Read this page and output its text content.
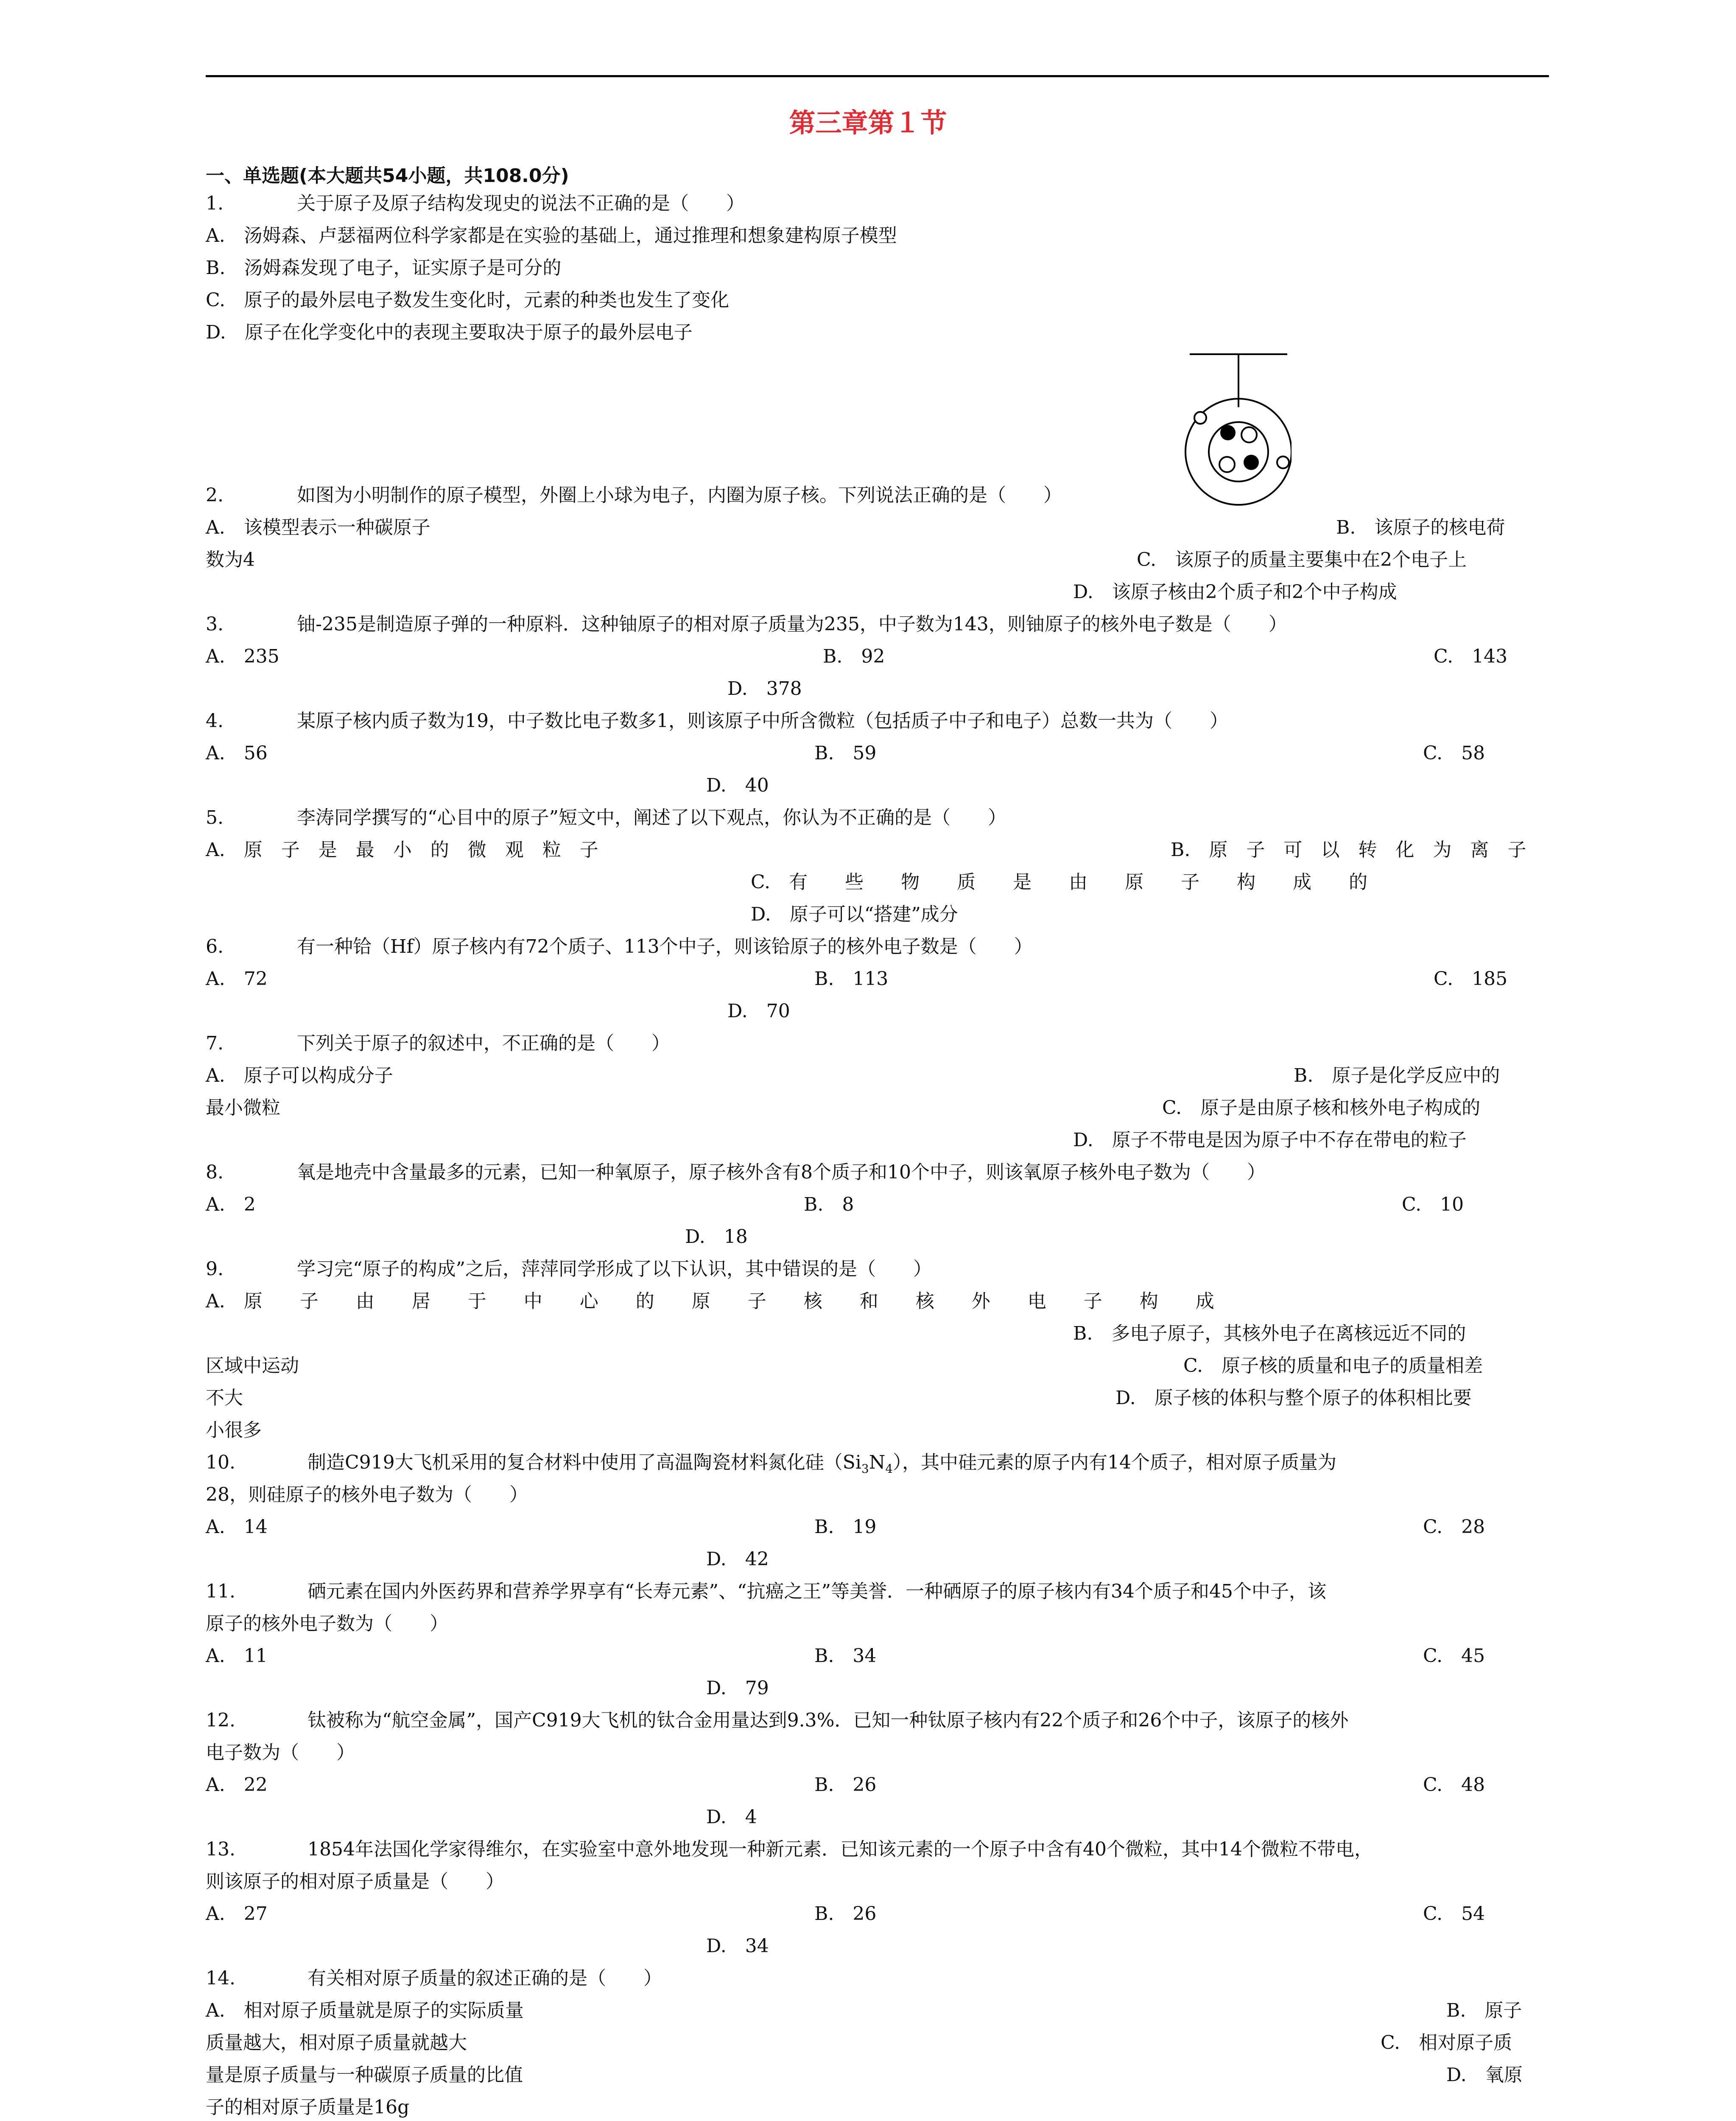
第三章第１节
一、单选题(本大题共54小题，共108.0分)
1.	关于原子及原子结构发现史的说法不正确的是（　　）
A.　汤姆森、卢瑟福两位科学家都是在实验的基础上，通过推理和想象建构原子模型
B.　汤姆森发现了电子，证实原子是可分的
C.　原子的最外层电子数发生变化时，元素的种类也发生了变化
D.　原子在化学变化中的表现主要取决于原子的最外层电子
2.	如图为小明制作的原子模型，外圈上小球为电子，内圈为原子核。下列说法正确的是（　　）
A.　该模型表示一种碳原子	B.　该原子的核电荷
数为4	C.　该原子的质量主要集中在2个电子上
D.　该原子核由2个质子和2个中子构成
3.	铀-235是制造原子弹的一种原料．这种铀原子的相对原子质量为235，中子数为143，则铀原子的核外电子数是（　　）
A.　235	B.　92	C.　143
D.　378
4.	某原子核内质子数为19，中子数比电子数多1，则该原子中所含微粒（包括质子中子和电子）总数一共为（　　）
A.　56	B.　59	C.　58
D.　40
5.	李涛同学撰写的“心目中的原子”短文中，阐述了以下观点，你认为不正确的是（　　）
A.　原　子　是　最　小　的　微　观　粒　子	B.　原　子　可　以　转　化　为　离　子
C.　有　　些　　物　　质　　是　　由　　原　　子　　构　　成　　的
D.　原子可以“搭建”成分
6.	有一种铪（Hf）原子核内有72个质子、113个中子，则该铪原子的核外电子数是（　　）
A.　72	B.　113	C.　185
D.　70
7.	下列关于原子的叙述中，不正确的是（　　）
A.　原子可以构成分子	B.　原子是化学反应中的
最小微粒	C.　原子是由原子核和核外电子构成的
D.　原子不带电是因为原子中不存在带电的粒子
8.	氧是地壳中含量最多的元素，已知一种氧原子，原子核外含有8个质子和10个中子，则该氧原子核外电子数为（　　）
A.　2	B.　8	C.　10
D.　18
9.	学习完“原子的构成”之后，萍萍同学形成了以下认识，其中错误的是（　　）
A.　原　　子　　由　　居　　于　　中　　心　　的　　原　　子　　核　　和　　核　　外　　电　　子　　构　　成
B.　多电子原子，其核外电子在离核远近不同的
区域中运动	C.　原子核的质量和电子的质量相差
不大	D.　原子核的体积与整个原子的体积相比要
小很多
10.	制造C919大飞机采用的复合材料中使用了高温陶瓷材料氮化硅$(Si_3N_4)$，其中硅元素的原子内有14个质子，相对原子质量为
28，则硅原子的核外电子数为（　　）
A.　14	B.　19	C.　28
D.　42
11.	硒元素在国内外医药界和营养学界享有“长寿元素”、“抗癌之王”等美誉．一种硒原子的原子核内有34个质子和45个中子，该
原子的核外电子数为（　　）
A.　11	B.　34	C.　45
D.　79
12.	钛被称为“航空金属”，国产C919大飞机的钛合金用量达到9.3%．已知一种钛原子核内有22个质子和26个中子，该原子的核外
电子数为（　　）
A.　22	B.　26	C.　48
D.　4
13.	1854年法国化学家得维尔，在实验室中意外地发现一种新元素．已知该元素的一个原子中含有40个微粒，其中14个微粒不带电，
则该原子的相对原子质量是（　　）
A.　27	B.　26	C.　54
D.　34
14.	有关相对原子质量的叙述正确的是（　　）
A.　相对原子质量就是原子的实际质量	B.　原子
质量越大，相对原子质量就越大	C.　相对原子质
量是原子质量与一种碳原子质量的比值	D.　氧原
子的相对原子质量是16g
